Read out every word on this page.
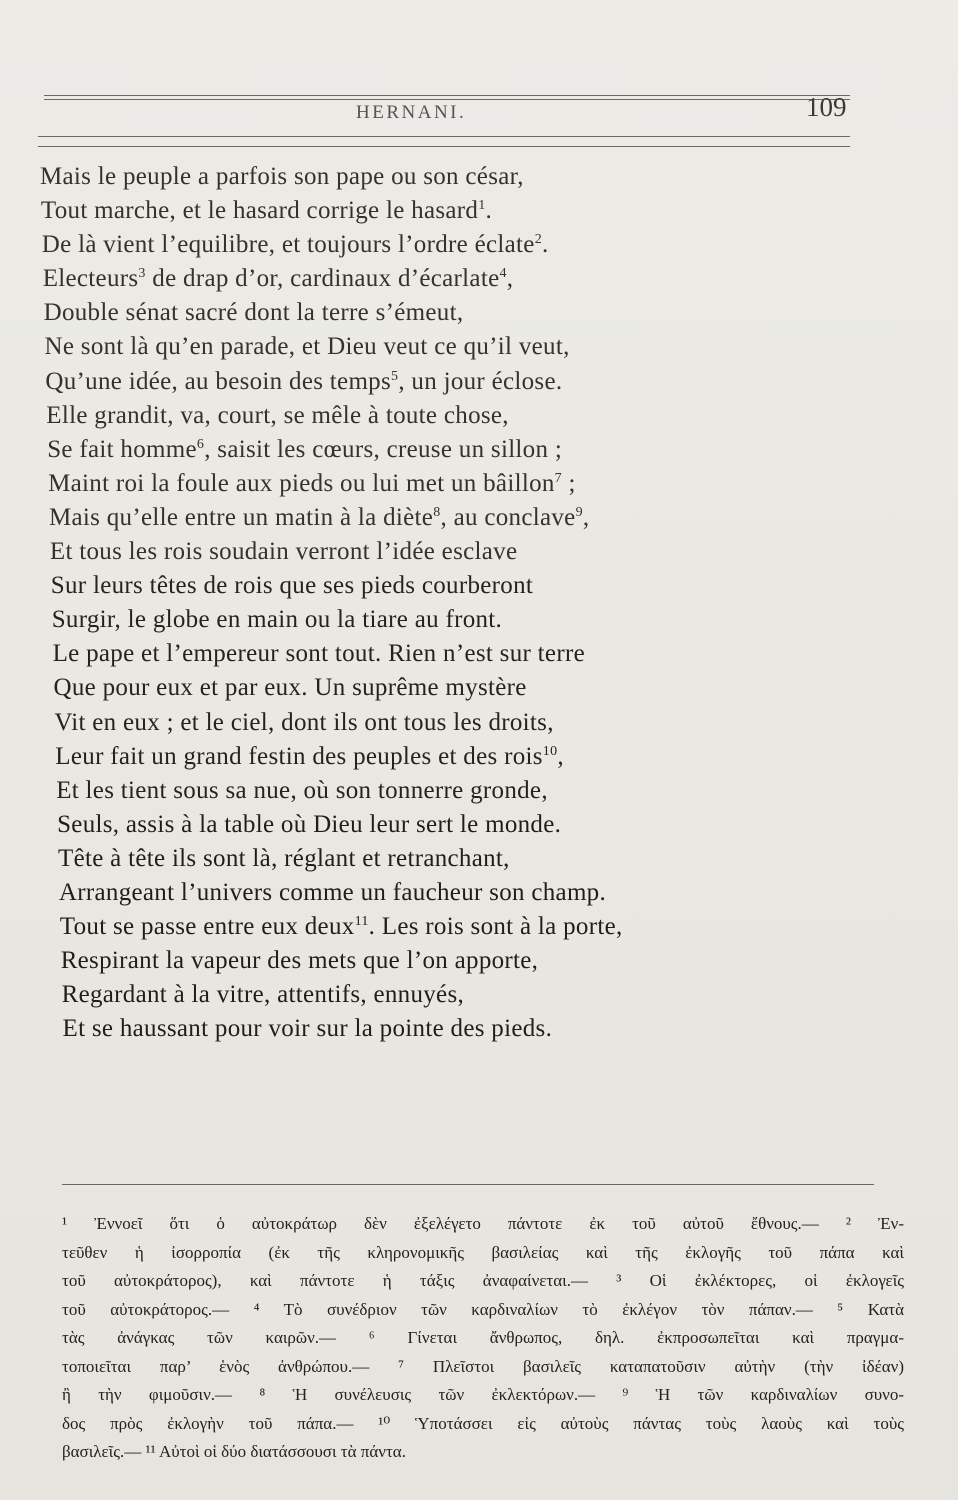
HERNANI.	109
Mais le peuple a parfois son pape ou son césar,
Tout marche, et le hasard corrige le hasard$^1$.
De là vient l’equilibre, et toujours l’ordre éclate$^2$.
Electeurs$^3$ de drap d’or, cardinaux d’écarlate$^4$,
Double sénat sacré dont la terre s’émeut,
Ne sont là qu’en parade, et Dieu veut ce qu’il veut,
Qu’une idée, au besoin des temps$^5$, un jour éclose.
Elle grandit, va, court, se mêle à toute chose,
Se fait homme$^6$, saisit les cœurs, creuse un sillon ;
Maint roi la foule aux pieds ou lui met un bâillon$^7$ ;
Mais qu’elle entre un matin à la diète$^8$, au conclave$^9$,
Et tous les rois soudain verront l’idée esclave
Sur leurs têtes de rois que ses pieds courberont
Surgir, le globe en main ou la tiare au front.
Le pape et l’empereur sont tout. Rien n’est sur terre
Que pour eux et par eux. Un suprême mystère
Vit en eux ; et le ciel, dont ils ont tous les droits,
Leur fait un grand festin des peuples et des rois$^{10}$,
Et les tient sous sa nue, où son tonnerre gronde,
Seuls, assis à la table où Dieu leur sert le monde.
Tête à tête ils sont là, réglant et retranchant,
Arrangeant l’univers comme un faucheur son champ.
Tout se passe entre eux deux$^{11}$. Les rois sont à la porte,
Respirant la vapeur des mets que l’on apporte,
Regardant à la vitre, attentifs, ennuyés,
Et se haussant pour voir sur la pointe des pieds.
¹ Ἐννοεῖ ὅτι ὁ αὐτοκράτωρ δὲν ἐξελέγετο πάντοτε ἐκ τοῦ αὐτοῦ ἔθνους.— ² Ἐν-
τεῦθεν ἡ ἰσορροπία (ἐκ τῆς κληρονομικῆς βασιλείας καὶ τῆς ἐκλογῆς τοῦ πάπα καὶ
τοῦ αὐτοκράτορος), καὶ πάντοτε ἡ τάξις ἀναφαίνεται.— ³ Οἱ ἐκλέκτορες, οἱ ἐκλογεῖς
τοῦ αὐτοκράτορος.— ⁴ Τὸ συνέδριον τῶν καρδιναλίων τὸ ἐκλέγον τὸν πάπαν.— ⁵ Κατὰ
τὰς ἀνάγκας τῶν καιρῶν.— ⁶ Γίνεται ἄνθρωπος, δηλ. ἐκπροσωπεῖται καὶ πραγμα-
τοποιεῖται παρ’ ἑνὸς ἀνθρώπου.— ⁷ Πλεῖστοι βασιλεῖς καταπατοῦσιν αὐτὴν (τὴν ἰδέαν)
ἢ τὴν φιμοῦσιν.— ⁸ Ἡ συνέλευσις τῶν ἐκλεκτόρων.— ⁹ Ἡ τῶν καρδιναλίων συνο-
δος πρὸς ἐκλογὴν τοῦ πάπα.— ¹⁰ Ὑποτάσσει εἰς αὐτοὺς πάντας τοὺς λαοὺς καὶ τοὺς
βασιλεῖς.— ¹¹ Αὐτοὶ οἱ δύο διατάσσουσι τὰ πάντα.
